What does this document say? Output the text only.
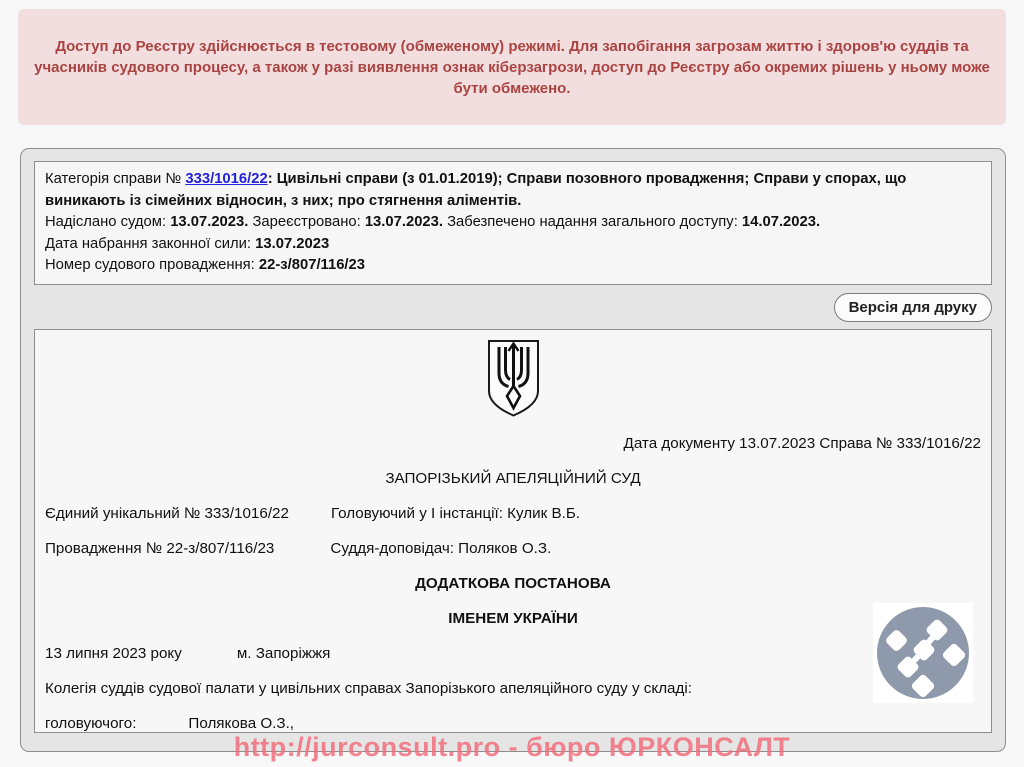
Доступ до Реєстру здійснюється в тестовому (обмеженому) режимі. Для запобігання загрозам життю і здоров'ю суддів та учасників судового процесу, а також у разі виявлення ознак кіберзагрози, доступ до Реєстру або окремих рішень у ньому може бути обмежено.
Категорія справи № 333/1016/22: Цивільні справи (з 01.01.2019); Справи позовного провадження; Справи у спорах, що виникають із сімейних відносин, з них; про стягнення аліментів.
Надіслано судом: 13.07.2023. Зареєстровано: 13.07.2023. Забезпечено надання загального доступу: 14.07.2023.
Дата набрання законної сили: 13.07.2023
Номер судового провадження: 22-з/807/116/23
Версія для друку

Дата документу 13.07.2023 Справа № 333/1016/22

ЗАПОРІЗЬКИЙ АПЕЛЯЦІЙНИЙ СУД

Єдиний унікальний № 333/1016/22	Головуючий у І інстанції: Кулик В.Б.

Провадження № 22-з/807/116/23	Суддя-доповідач: Поляков О.З.

ДОДАТКОВА ПОСТАНОВА

ІМЕНЕМ УКРАЇНИ

13 липня 2023 року	м. Запоріжжя

Колегія суддів судової палати у цивільних справах Запорізького апеляційного суду у складі:

головуючого:	Полякова О.З.,

http://jurconsult.pro - бюро ЮРКОНСАЛТ
